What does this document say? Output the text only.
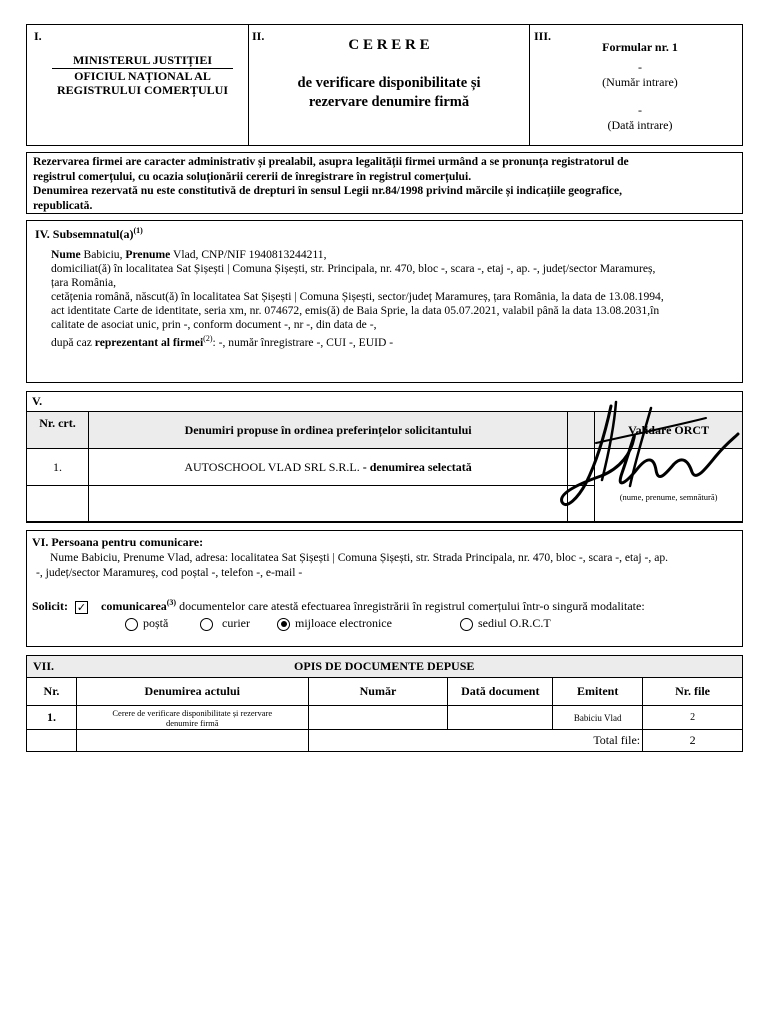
I.
MINISTERUL JUSTIȚIEI
OFICIUL NAȚIONAL AL
REGISTRULUI COMERȚULUI
II.
C E R E R E
de verificare disponibilitate și
rezervare denumire firmă
III.
Formular nr. 1
-
(Număr intrare)
-
(Dată intrare)
Rezervarea firmei are caracter administrativ și prealabil, asupra legalității firmei urmând a se pronunța registratorul de
registrul comerțului, cu ocazia soluționării cererii de înregistrare în registrul comerțului.
Denumirea rezervată nu este constitutivă de drepturi în sensul Legii nr.84/1998 privind mărcile și indicațiile geografice,
republicată.
IV. $Subsemnatul(a)^{(1)}$
Nume Babiciu, Prenume Vlad, CNP/NIF 1940813244211,
domiciliat(ă) în localitatea Sat Șișești | Comuna Șișești, str. Principala, nr. 470, bloc -, scara -, etaj -, ap. -, județ/sector Maramureș,
țara România,
cetățenia română, născut(ă) în localitatea Sat Șișești | Comuna Șișești, sector/județ Maramureș, țara România, la data de 13.08.1994,
act identitate Carte de identitate, seria xm, nr. 074672, emis(ă) de Baia Sprie, la data 05.07.2021, valabil până la data 13.08.2031,în
calitate de asociat unic, prin -, conform document -, nr -, din data de -,
după caz reprezentant al firmei$^{(2)}$: -, număr înregistrare -, CUI -, EUID -
V.
Nr. crt.	Denumiri propuse în ordinea preferințelor solicitantului		Validare ORCT
1.	AUTOSCHOOL VLAD SRL S.R.L. - denumirea selectată		(nume, prenume, semnătură)

VI. Persoana pentru comunicare:
Nume Babiciu, Prenume Vlad, adresa: localitatea Sat Șișești | Comuna Șișești, str. Strada Principala, nr. 470, bloc -, scara -, etaj -, ap.
-, județ/sector Maramureș, cod poștal -, telefon -, e-mail -
Solicit: ✓ comunicarea$^{(3)}$ documentelor care atestă efectuarea înregistrării în registrul comerțului într-o singură modalitate:
poștă	curier	mijloace electronice	sediul O.R.C.T
VII.	OPIS DE DOCUMENTE DEPUSE				
Nr.	Denumirea actului	Număr	Dată document	Emitent	Nr. file
1.	Cerere de verificare disponibilitate și rezervare
denumire firmă			Babiciu Vlad	2
		Total file:			2
